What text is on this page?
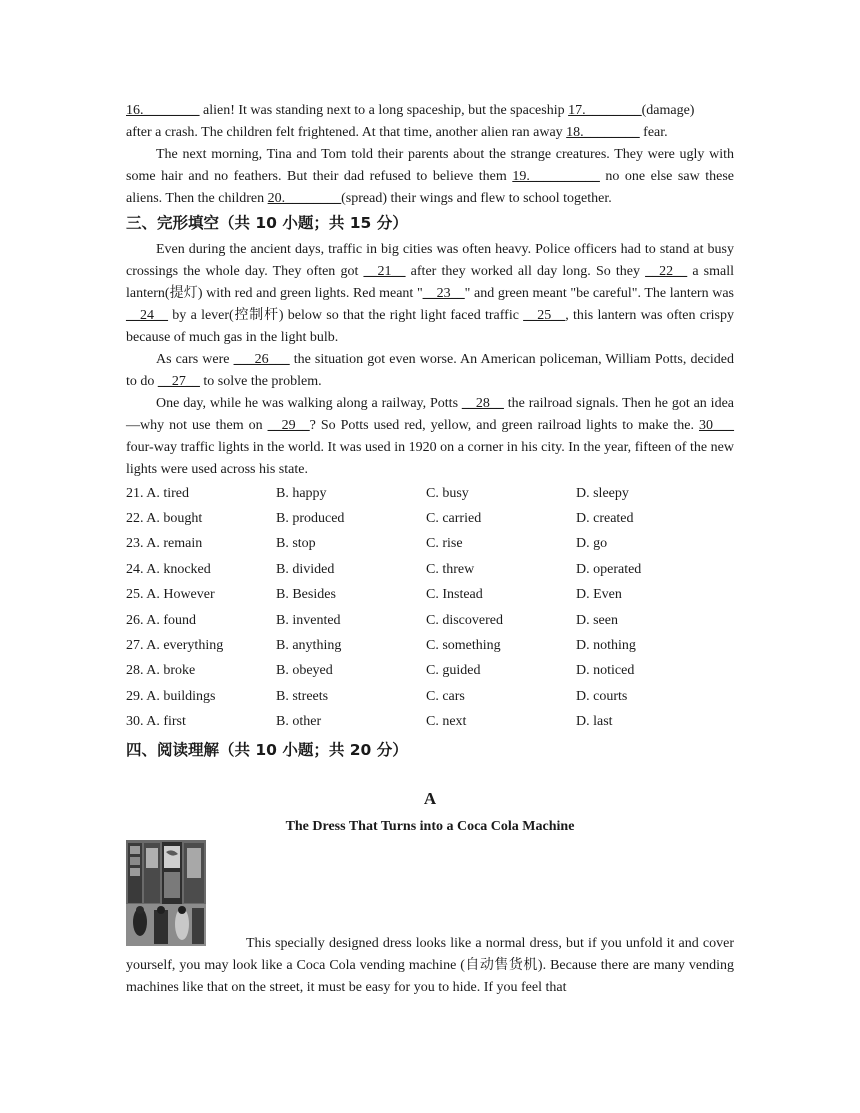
16.________ alien! It was standing next to a long spaceship, but the spaceship 17.________(damage)

after a crash. The children felt frightened. At that time, another alien ran away 18.________ fear.

The next morning, Tina and Tom told their parents about the strange creatures. They were ugly with some hair and no feathers. But their dad refused to believe them 19.__________ no one else saw these aliens. Then the children 20.________(spread) their wings and flew to school together.

三、完形填空（共 10 小题；共 15 分）

Even during the ancient days, traffic in big cities was often heavy. Police officers had to stand at busy crossings the whole day. They often got __21__ after they worked all day long. So they __22__ a small lantern(提灯) with red and green lights. Red meant "__23__" and green meant "be careful". The lantern was __24__ by a lever(控制杆) below so that the right light faced traffic __25__, this lantern was often crispy because of much gas in the light bulb.

As cars were ___26___ the situation got even worse. An American policeman, William Potts, decided to do __27__ to solve the problem.

One day, while he was walking along a railway, Potts __28__ the railroad signals. Then he got an idea—why not use them on __29__? So Potts used red, yellow, and green railroad lights to make the. 30___ four-way traffic lights in the world. It was used in 1920 on a corner in his city. In the year, fifteen of the new lights were used across his state.

21. A. tired	B. happy	C. busy	D. sleepy
22. A. bought	B. produced	C. carried	D. created
23. A. remain	B. stop	C. rise	D. go
24. A. knocked	B. divided	C. threw	D. operated
25. A. However	B. Besides	C. Instead	D. Even
26. A. found	B. invented	C. discovered	D. seen
27. A. everything	B. anything	C. something	D. nothing
28. A. broke	B. obeyed	C. guided	D. noticed
29. A. buildings	B. streets	C. cars	D. courts
30. A. first	B. other	C. next	D. last

四、阅读理解（共 10 小题；共 20 分）

A
The Dress That Turns into a Coca Cola Machine

This specially designed dress looks like a normal dress, but if you unfold it and cover yourself, you may look like a Coca Cola vending machine (自动售货机). Because there are many vending machines like that on the street, it must be easy for you to hide. If you feel that
